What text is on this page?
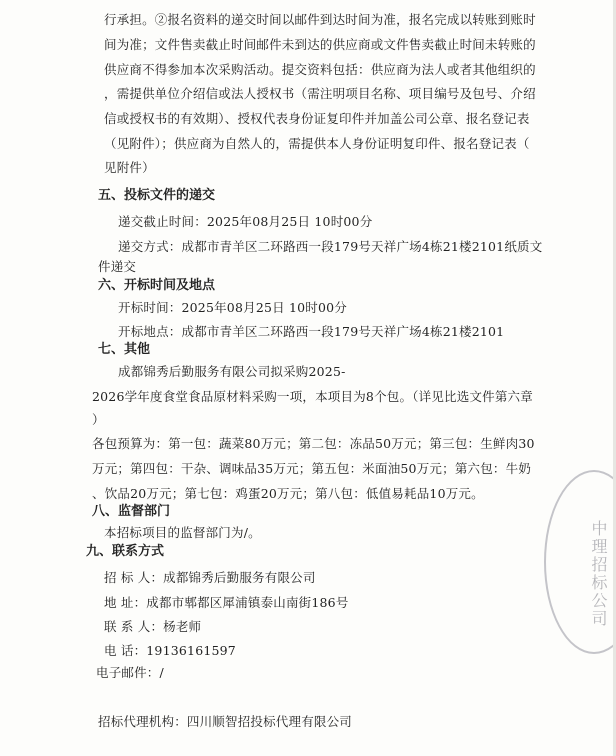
行承担。②报名资料的递交时间以邮件到达时间为准，报名完成以转账到账时
间为准；文件售卖截止时间邮件未到达的供应商或文件售卖截止时间未转账的
供应商不得参加本次采购活动。提交资料包括：供应商为法人或者其他组织的
，需提供单位介绍信或法人授权书（需注明项目名称、项目编号及包号、介绍
信或授权书的有效期）、授权代表身份证复印件并加盖公司公章、报名登记表
（见附件）；供应商为自然人的，需提供本人身份证明复印件、报名登记表（
见附件）
五、投标文件的递交
递交截止时间：2025年08月25日 10时00分
递交方式：成都市青羊区二环路西一段179号天祥广场4栋21楼2101纸质文
件递交
六、开标时间及地点
开标时间：2025年08月25日 10时00分
开标地点：成都市青羊区二环路西一段179号天祥广场4栋21楼2101
七、其他
成都锦秀后勤服务有限公司拟采购2025-
2026学年度食堂食品原材料采购一项，本项目为8个包。（详见比选文件第六章
）
各包预算为：第一包：蔬菜80万元；第二包：冻品50万元；第三包：生鲜肉30
万元；第四包：干杂、调味品35万元；第五包：米面油50万元；第六包：牛奶
、饮品20万元；第七包：鸡蛋20万元；第八包：低值易耗品10万元。
八、监督部门
本招标项目的监督部门为/。
九、联系方式
招 标 人：成都锦秀后勤服务有限公司
地 址：成都市郫都区犀浦镇泰山南街186号
联 系 人：杨老师
电 话：19136161597
电子邮件：/
招标代理机构：四川顺智招投标代理有限公司
中理招标公司
